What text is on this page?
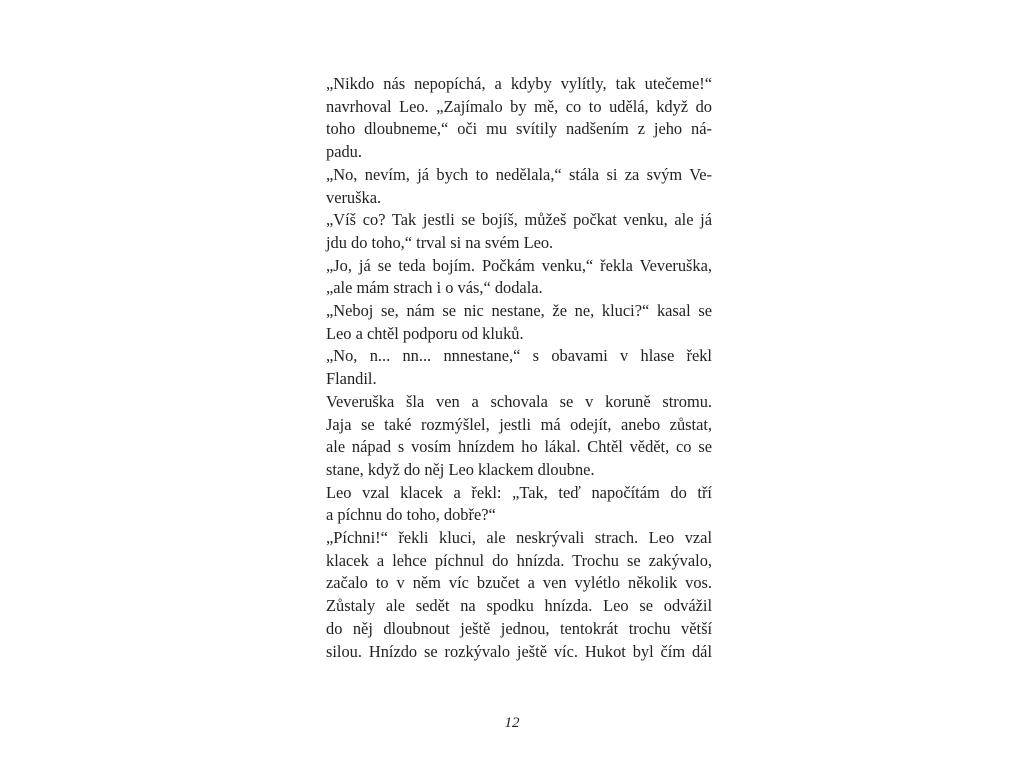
„Nikdo nás nepopíchá, a kdyby vylítly, tak utečeme!“
navrhoval Leo. „Zajímalo by mě, co to udělá, když do
toho dloubneme,“ oči mu svítily nadšením z jeho ná-
padu.
„No, nevím, já bych to nedělala,“ stála si za svým Ve-
veruška.
„Víš co? Tak jestli se bojíš, můžeš počkat venku, ale já
jdu do toho,“ trval si na svém Leo.
„Jo, já se teda bojím. Počkám venku,“ řekla Veveruška,
„ale mám strach i o vás,“ dodala.
„Neboj se, nám se nic nestane, že ne, kluci?“ kasal se
Leo a chtěl podporu od kluků.
„No, n... nn... nnnestane,“ s obavami v hlase řekl
Flandil.
Veveruška šla ven a schovala se v koruně stromu.
Jaja se také rozmýšlel, jestli má odejít, anebo zůstat,
ale nápad s vosím hnízdem ho lákal. Chtěl vědět, co se
stane, když do něj Leo klackem dloubne.
Leo vzal klacek a řekl: „Tak, teď napočítám do tří
a píchnu do toho, dobře?“
„Píchni!“ řekli kluci, ale neskrývali strach. Leo vzal
klacek a lehce píchnul do hnízda. Trochu se zakývalo,
začalo to v něm víc bzučet a ven vylétlo několik vos.
Zůstaly ale sedět na spodku hnízda. Leo se odvážil
do něj dloubnout ještě jednou, tentokrát trochu větší
silou. Hnízdo se rozkývalo ještě víc. Hukot byl čím dál
12
